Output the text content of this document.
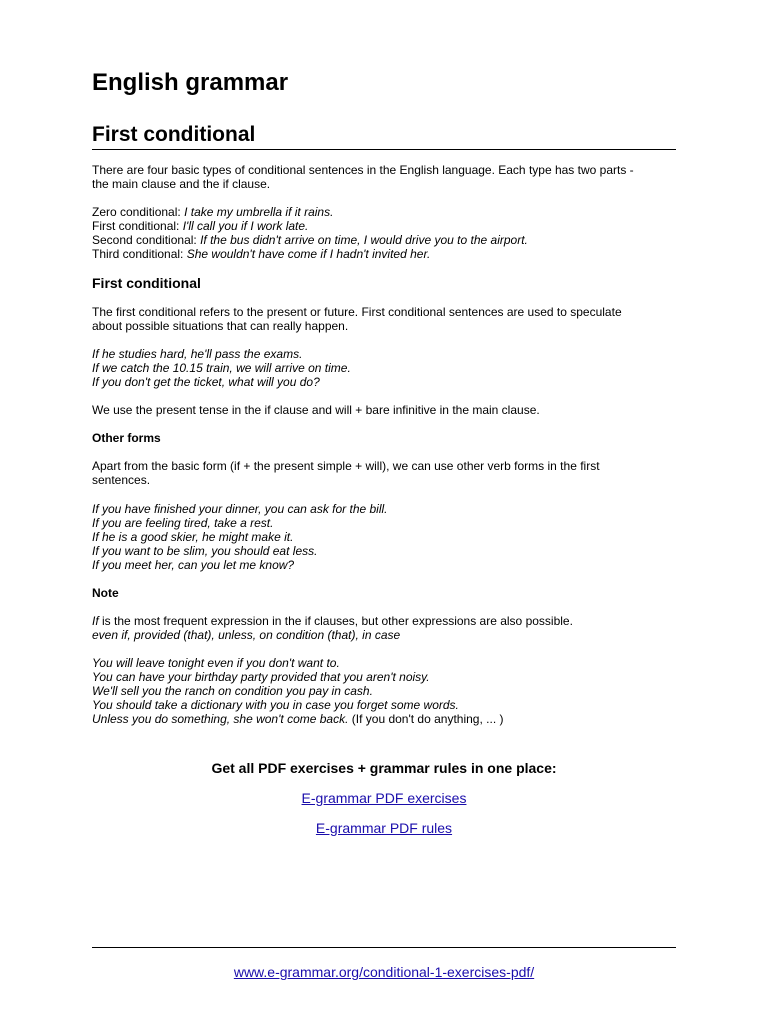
English grammar
First conditional

There are four basic types of conditional sentences in the English language. Each type has two parts -
the main clause and the if clause.

Zero conditional: I take my umbrella if it rains.
First conditional: I'll call you if I work late.
Second conditional: If the bus didn't arrive on time, I would drive you to the airport.
Third conditional: She wouldn't have come if I hadn't invited her.

First conditional

The first conditional refers to the present or future. First conditional sentences are used to speculate
about possible situations that can really happen.

If he studies hard, he'll pass the exams.
If we catch the 10.15 train, we will arrive on time.
If you don't get the ticket, what will you do?

We use the present tense in the if clause and will + bare infinitive in the main clause.

Other forms

Apart from the basic form (if + the present simple + will), we can use other verb forms in the first
sentences.

If you have finished your dinner, you can ask for the bill.
If you are feeling tired, take a rest.
If he is a good skier, he might make it.
If you want to be slim, you should eat less.
If you meet her, can you let me know?

Note

If is the most frequent expression in the if clauses, but other expressions are also possible.
even if, provided (that), unless, on condition (that), in case

You will leave tonight even if you don't want to.
You can have your birthday party provided that you aren't noisy.
We'll sell you the ranch on condition you pay in cash.
You should take a dictionary with you in case you forget some words.
Unless you do something, she won't come back. (If you don't do anything, ... )

Get all PDF exercises + grammar rules in one place:
E-grammar PDF exercises
E-grammar PDF rules
www.e-grammar.org/conditional-1-exercises-pdf/
